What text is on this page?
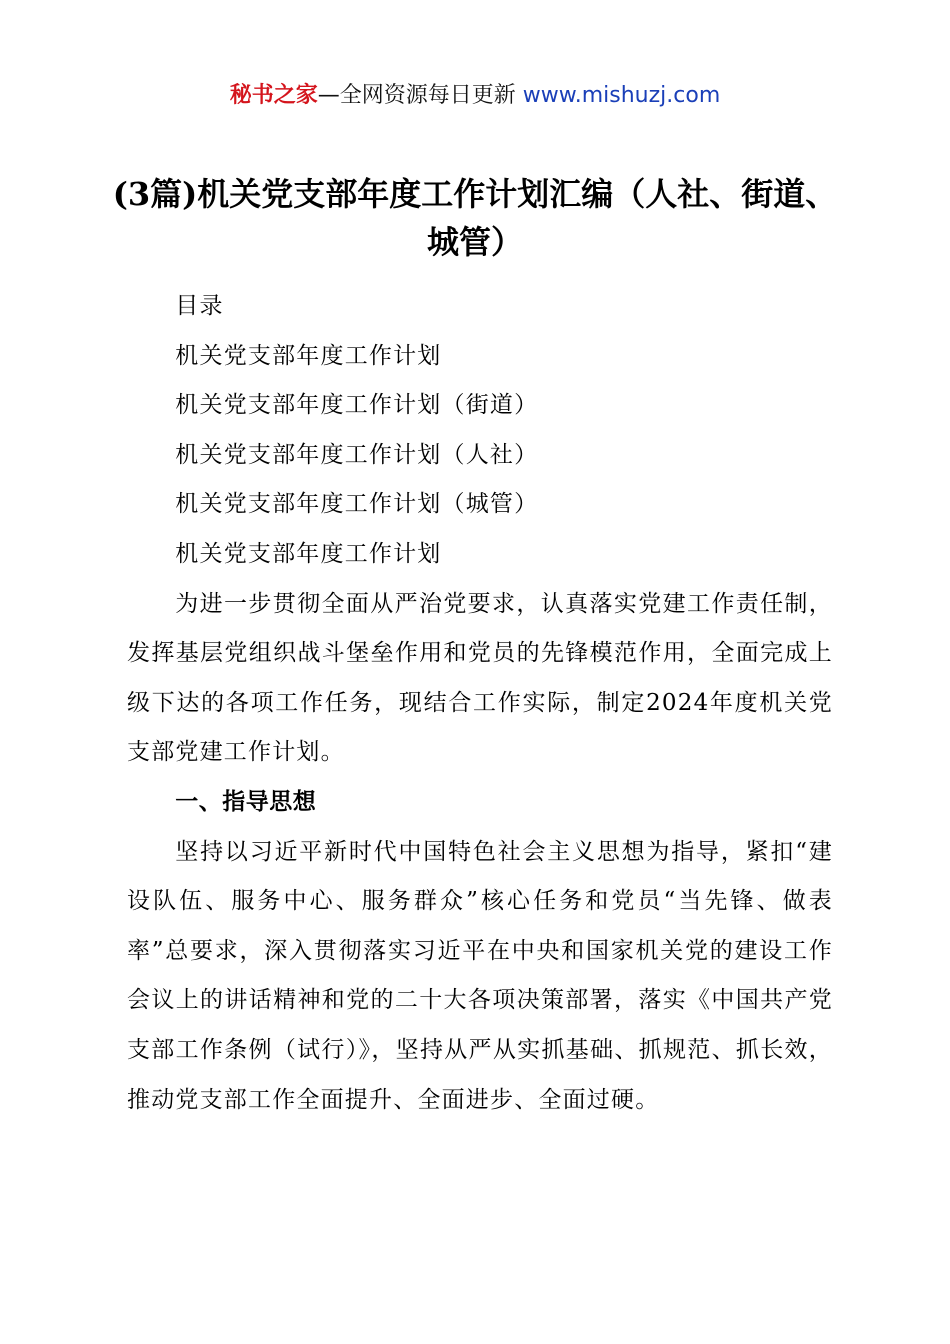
秘书之家—全网资源每日更新 www.mishuzj.com
(3篇)机关党支部年度工作计划汇编（人社、街道、城管）

目录

机关党支部年度工作计划

机关党支部年度工作计划（街道）

机关党支部年度工作计划（人社）

机关党支部年度工作计划（城管）

机关党支部年度工作计划

为进一步贯彻全面从严治党要求，认真落实党建工作责任制，发挥基层党组织战斗堡垒作用和党员的先锋模范作用，全面完成上级下达的各项工作任务，现结合工作实际，制定2024年度机关党支部党建工作计划。

一、指导思想

坚持以习近平新时代中国特色社会主义思想为指导，紧扣“建设队伍、服务中心、服务群众”核心任务和党员“当先锋、做表率”总要求，深入贯彻落实习近平在中央和国家机关党的建设工作会议上的讲话精神和党的二十大各项决策部署，落实《中国共产党支部工作条例（试行）》，坚持从严从实抓基础、抓规范、抓长效，推动党支部工作全面提升、全面进步、全面过硬。
